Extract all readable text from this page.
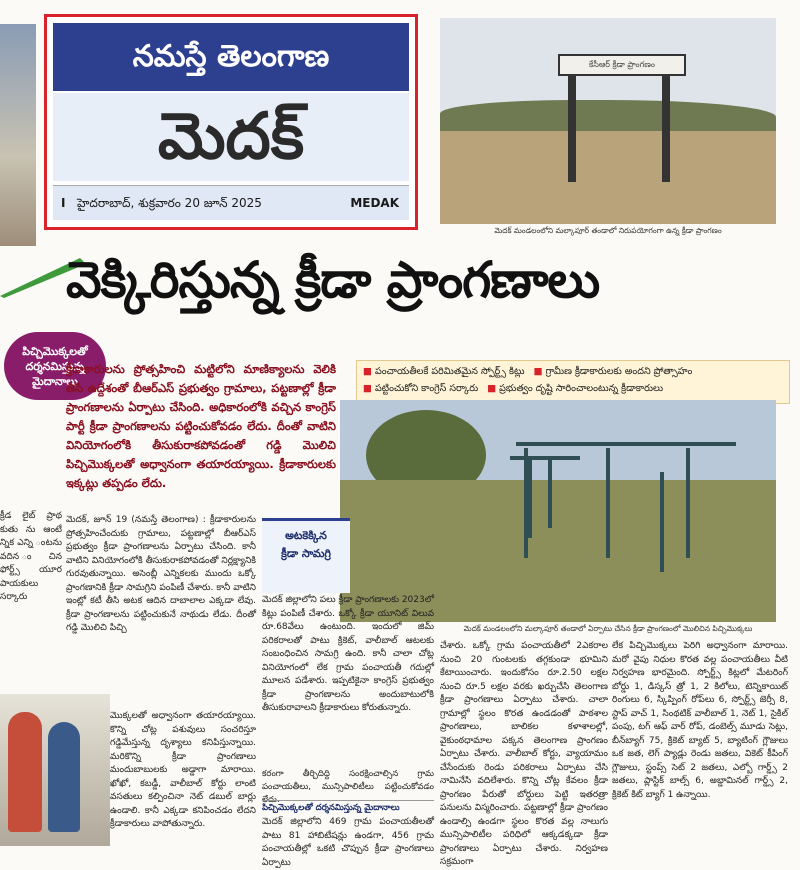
నమస్తే తెలంగాణ
మెదక్
I హైదరాబాద్, శుక్రవారం 20 జూన్ 2025	MEDAK
కేసీఆర్ క్రీడా ప్రాంగణం
మెదక్ మండలంలోని మల్కాపూర్ తండాలో నిరుపయోగంగా ఉన్న క్రీడా ప్రాంగణం
వెక్కిరిస్తున్న క్రీడా ప్రాంగణాలు
పిచ్చిమొక్కలతో
దర్శనమిస్తున్న
మైదానాలు
క్రీడాకారులను ప్రోత్సహించి మట్టిలోని మాణిక్యాలను వెలికి తీసే ఉద్దేశంతో బీఆర్ఎస్ ప్రభుత్వం గ్రామాలు, పట్టణాల్లో క్రీడా ప్రాంగణాలను ఏర్పాటు చేసింది. అధికారంలోకి వచ్చిన కాంగ్రెస్ పార్టీ క్రీడా ప్రాంగణాలను పట్టించుకోవడం లేదు. దీంతో వాటిని వినియోగంలోకి తీసుకురాకపోవడంతో గడ్డి మొలిచి పిచ్చిమొక్కలతో అధ్వానంగా తయారయ్యాయి. క్రీడాకారులకు ఇక్కట్లు తప్పడం లేదు.
■ పంచాయతీలకే పరిమితమైన స్పోర్ట్స్ కిట్లు ■ గ్రామీణ క్రీడాకారులకు అందని ప్రోత్సాహం
■ పట్టించుకోని కాంగ్రెస్ సర్కారు ■ ప్రభుత్వం దృష్టి సారించాలంటున్న క్రీడాకారులు
మెదక్ మండలంలోని మల్కాపూర్ తండాలో ఏర్పాటు చేసిన క్రీడా ప్రాంగణంలో మొలిచిన పిచ్చిమొక్కలు
క్రీడ లైబ్ ప్రాథ కుతు ను ఆంటే న్నిక ఎన్ని ంటను వదిన ంచిన ఫోర్ట్స్ యూర పాయకులు సర్కారు
మెదక్, జూన్ 19 (నమస్తే తెలంగాణ) : క్రీడాకారులను ప్రోత్సహించేందుకు గ్రామాలు, పట్టణాల్లో బీఆర్ఎస్ ప్రభుత్వం క్రీడా ప్రాంగణాలను ఏర్పాటు చేసింది. కానీ వాటిని వినియోగంలోకి తీసుకురాకపోవడంతో నిర్లక్ష్యానికి గురవుతున్నాయి. అసెంబ్లీ ఎన్నికలకు ముందు ఒక్కో ప్రాంగణానికి క్రీడా సామగ్రిని పంపిణీ చేశారు. కానీ వాటిని ఇంట్లో కటీ తీసి అటక ఆదిన దాబాలాల ఎక్కడా లేవు. క్రీడా ప్రాంగణాలను పట్టించుకునే నాథుడు లేడు. దీంతో గడ్డి మొలిచి పిచ్చి
మొక్కలతో అధ్వానంగా తయారయ్యాయి. కొన్ని చోట్ల పశువులు సంచరిస్తూ గడ్డిమేస్తున్న దృశ్యాలు కనిపిస్తున్నాయి. మరికొన్ని క్రీడా ప్రాంగణాలు మందుబాబులకు అడ్డాగా మారాయి. ఖోఖో, కబడ్డీ, వాలీబాల్ కోర్టు లాంటి వసతులు కల్పించినా నెట్ డబుల్ బార్లు ఉండాలి. కానీ ఎక్కడా కనిపించడం లేదని క్రీడాకారులు వాపోతున్నారు.
అటకెక్కిన
క్రీడా సామగ్రి
మెదక్ జిల్లాలోని పలు క్రీడా ప్రాంగణాలకు 2023లో కిట్లు పంపిణీ చేశారు. ఒక్కో క్రీడా యూనిట్ విలువ రూ.68వేలు ఉంటుంది. ఇందులో జిమ్ పరికరాలతో పాటు క్రికెట్, వాలీబాల్ ఆటలకు సంబంధించిన సామగ్రి ఉంది. కానీ చాలా చోట్ల వినియోగంలో లేక గ్రామ పంచాయతీ గదుల్లో మూలన పడేశారు. ఇప్పటికైనా కాంగ్రెస్ ప్రభుత్వం క్రీడా ప్రాంగణాలను అందుబాటులోకి తీసుకురావాలని క్రీడాకారులు కోరుతున్నారు.
కరంగా తీర్చిదిద్ది సంరక్షించాల్సిన గ్రామ పంచాయతీలు, మున్సిపాలిటీలు పట్టించుకోవడం లేదు.
పిచ్చిమొక్కలతో దర్శనమిస్తున్న మైదానాలు
మెదక్ జిల్లాలోని 469 గ్రామ పంచాయతీలతో పాటు 81 హాబిటేషన్లు ఉండగా, 456 గ్రామ పంచాయతీల్లో ఒకటి చొప్పున క్రీడా ప్రాంగణాలు ఏర్పాటు
చేశారు. ఒక్కో గ్రామ పంచాయతీలో 2ఎకరాల నుంచి 20 గుంటలకు తగ్గకుండా భూమిని కేటాయించారు. ఇందుకోసం రూ.2.50 లక్షల నుంచి రూ.5 లక్షల వరకు ఖర్చుచేసి తెలంగాణ క్రీడా ప్రాంగణాలు ఏర్పాటు చేశారు. చాలా గ్రామాల్లో స్థలం కొరత ఉండడంతో పాఠశాల ప్రాంగణాలు, బాలికల కళాశాలల్లో, వైకుంఠధామాల పక్కన తెలంగాణ ప్రాంగణం ఏర్పాటు చేశారు. వాలీబాల్ కోర్టు, వ్యాయామం చేసేందుకు రెండు పరికరాలు ఏర్పాటు చేసి నామినేసి వదిలేశారు. కొన్ని చోట్ల కేవలం క్రీడా ప్రాంగణం పేరుతో బోర్డులు పెట్టి ఇతరత్రా పనులను విస్మరించారు. పట్టణాల్లో క్రీడా ప్రాంగణం ఉండాల్సి ఉండగా స్థలం కొరత వల్ల నాలుగు మున్సిపాలిటీల పరిధిలో ఆక్కడక్కడా క్రీడా ప్రాంగణాలు ఏర్పాటు చేశారు. నిర్వహణ సక్రమంగా
లేక పిచ్చిమొక్కలు పెరిగి అధ్వానంగా మారాయి. మరో వైపు నిధుల కొరత వల్ల పంచాయతీలు వీటి నిర్వహణ భారమైంది. స్పోర్ట్స్ కిట్లలో మేటరింగ్ బోర్డు 1, డిస్కస్ త్రో 1, 2 కిలోలు, టెన్నికాయిట్ రింగులు 6, స్కిప్పింగ్ రోప్‌లు 6, స్పోర్ట్స్ జెర్సీ 8, స్టాప్ వాచ్ 1, సింథటిక్ వాలీబాల్ 1, నెట్ 1, సైకిల్ పంపు, టగ్ ఆఫ్ వార్ రోప్, డంబెల్స్ మూడు సెట్లు, బీన్‌బ్యాగ్ 75, క్రికెట్ బ్యాట్ 5, బ్యాటింగ్ గ్లౌజులు ఒక జత, లెగ్ ప్యాడ్లు రెండు జతలు, వికెట్ కీపింగ్ గ్లౌజులు, స్టంప్స్ సెట్ 2 జతలు, ఎల్బో గార్డ్స్ 2 జతలు, ప్లాస్టిక్ బాల్స్ 6, అబ్డామినల్ గార్డ్స్ 2, క్రికెట్ కిట్ బ్యాగ్ 1 ఉన్నాయి.
